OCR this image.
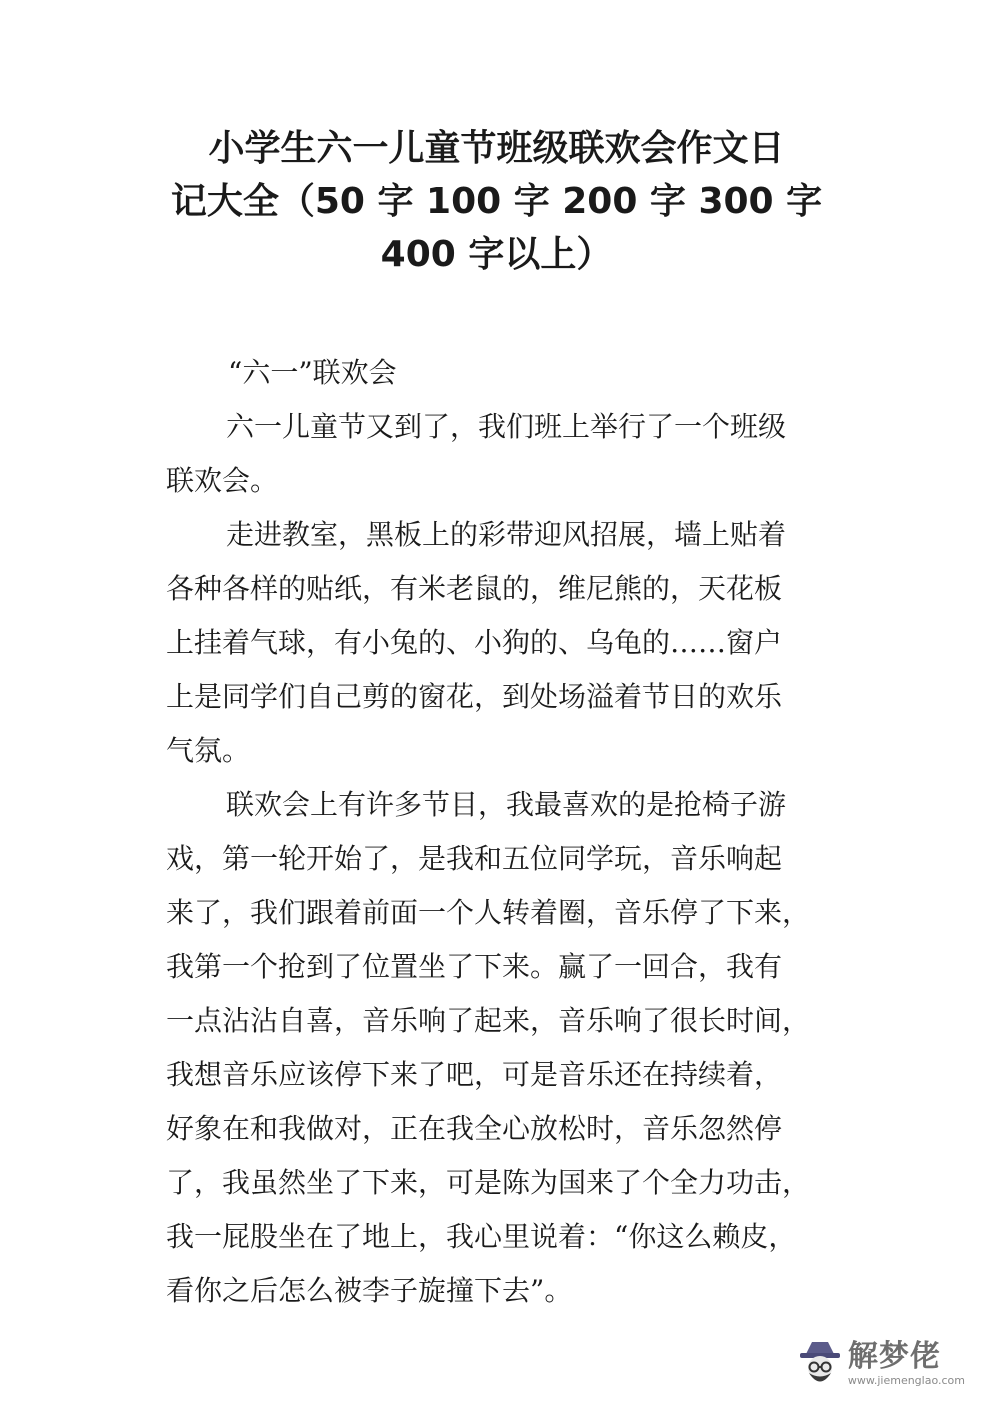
小学生六一儿童节班级联欢会作文日
记大全（50 字 100 字 200 字 300 字
400 字以上）

“六一”联欢会

六一儿童节又到了，我们班上举行了一个班级

联欢会。

走进教室，黑板上的彩带迎风招展，墙上贴着

各种各样的贴纸，有米老鼠的，维尼熊的，天花板

上挂着气球，有小兔的、小狗的、乌龟的……窗户

上是同学们自己剪的窗花，到处场溢着节日的欢乐

气氛。

联欢会上有许多节目，我最喜欢的是抢椅子游

戏，第一轮开始了，是我和五位同学玩，音乐响起

来了，我们跟着前面一个人转着圈，音乐停了下来，

我第一个抢到了位置坐了下来。赢了一回合，我有

一点沾沾自喜，音乐响了起来，音乐响了很长时间，

我想音乐应该停下来了吧，可是音乐还在持续着，

好象在和我做对，正在我全心放松时，音乐忽然停

了，我虽然坐了下来，可是陈为国来了个全力功击，

我一屁股坐在了地上，我心里说着：“你这么赖皮，

看你之后怎么被李子旋撞下去”。

解梦佬
www.jiemenglao.com
